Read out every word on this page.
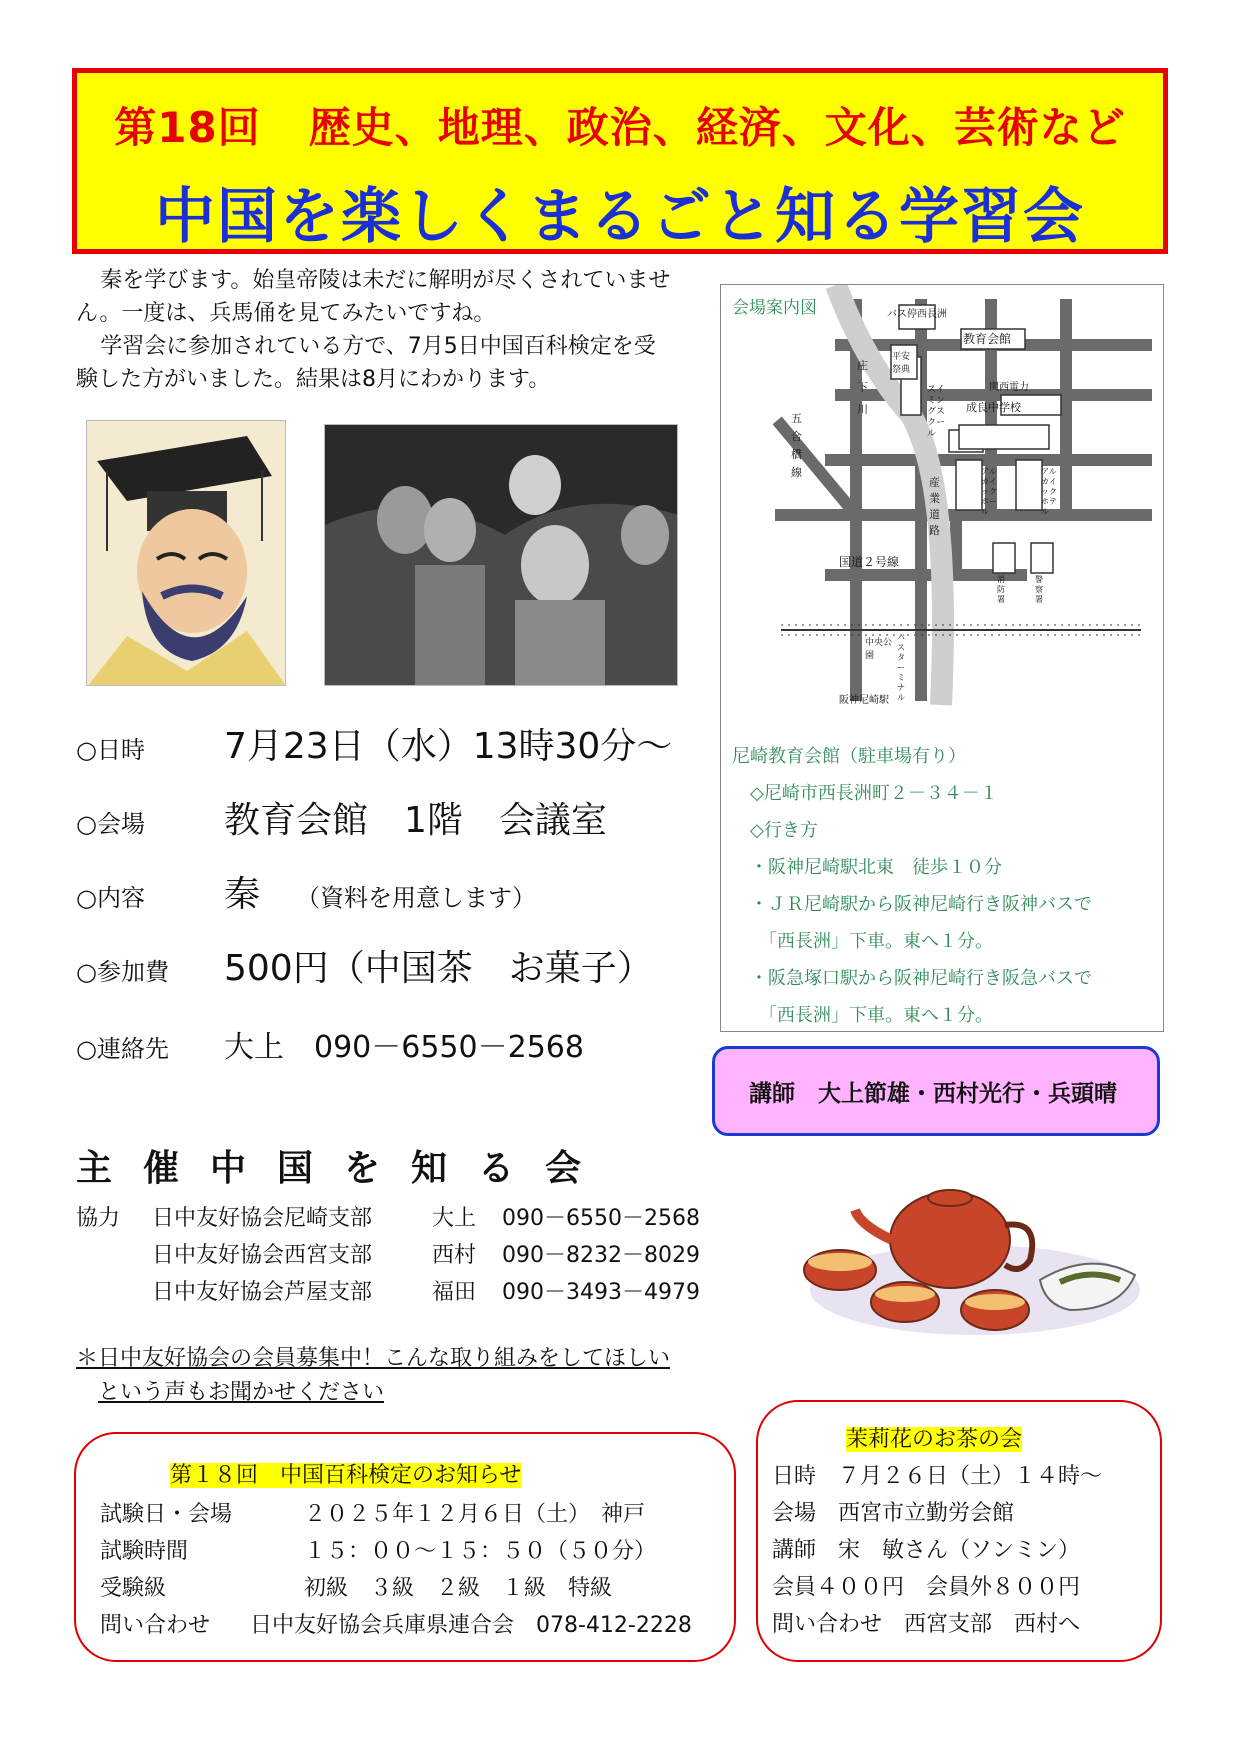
第18回 歴史、地理、政治、経済、文化、芸術など
中国を楽しくまるごと知る学習会

秦を学びます。始皇帝陵は未だに解明が尽くされていません。一度は、兵馬俑を見てみたいですね。

学習会に参加されている方で、7月5日中国百科検定を受験した方がいました。結果は8月にわかります。

○日時	7月23日（水）13時30分～
○会場	教育会館　1階　会議室
○内容	秦 （資料を用意します）
○参加費	500円（中国茶　お菓子）
○連絡先	大上　090－6550－2568
主催中国を知る会
協力 日中友好協会尼崎支部	大上 090－6550－2568
日中友好協会西宮支部	西村 090－8232－8029
日中友好協会芦屋支部	福田 090－3493－4979
＊日中友好協会の会員募集中！こんな取り組みをしてほしい
という声もお聞かせください
バス停西長洲
教育会館
庄下川
平安祭典
関西電力
スイミングスクール
成良中学校
五合橋線
産業道路
アルカイックホール
アルカイックホテル
国道２号線
消防署
警察署
中央公園
バスターミナル
阪神尼崎駅
会場案内図
尼崎教育会館（駐車場有り）
　◇尼崎市西長洲町２－３４－１
　◇行き方
　・阪神尼崎駅北東　徒歩１０分
　・ＪＲ尼崎駅から阪神尼崎行き阪神バスで
　　「西長洲」下車。東へ１分。
　・阪急塚口駅から阪神尼崎行き阪急バスで
　　「西長洲」下車。東へ１分。
講師　大上節雄・西村光行・兵頭晴
第１８回　中国百科検定のお知らせ
試験日・会場	２０２５年１２月６日（土）　神戸
試験時間	１５：００～１５：５０（５０分）
受験級	初級　３級　２級　１級　特級
問い合わせ 日中友好協会兵庫県連合会　078-412-2228
茉莉花のお茶の会
日時　７月２６日（土）１４時～
会場　西宮市立勤労会館
講師　宋　敏さん（ソンミン）
会員４００円　会員外８００円
問い合わせ　西宮支部　西村へ
